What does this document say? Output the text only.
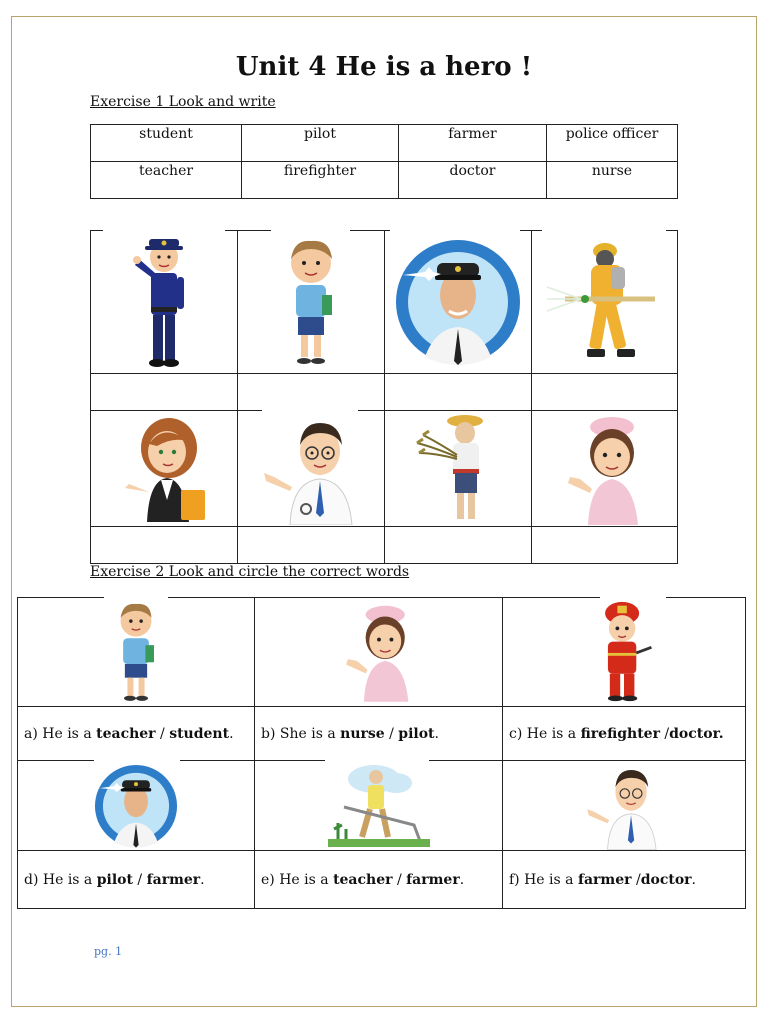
Unit 4 He is a hero !
Exercise 1 Look and write
student	pilot	farmer	police officer
teacher	firefighter	doctor	nurse

Exercise 2 Look and circle the correct words

a) He is a teacher / student.	b) She is a nurse / pilot.	c) He is a firefighter /doctor.

d) He is a pilot / farmer.	e) He is a teacher / farmer.	f) He is a farmer /doctor.
pg. 1
